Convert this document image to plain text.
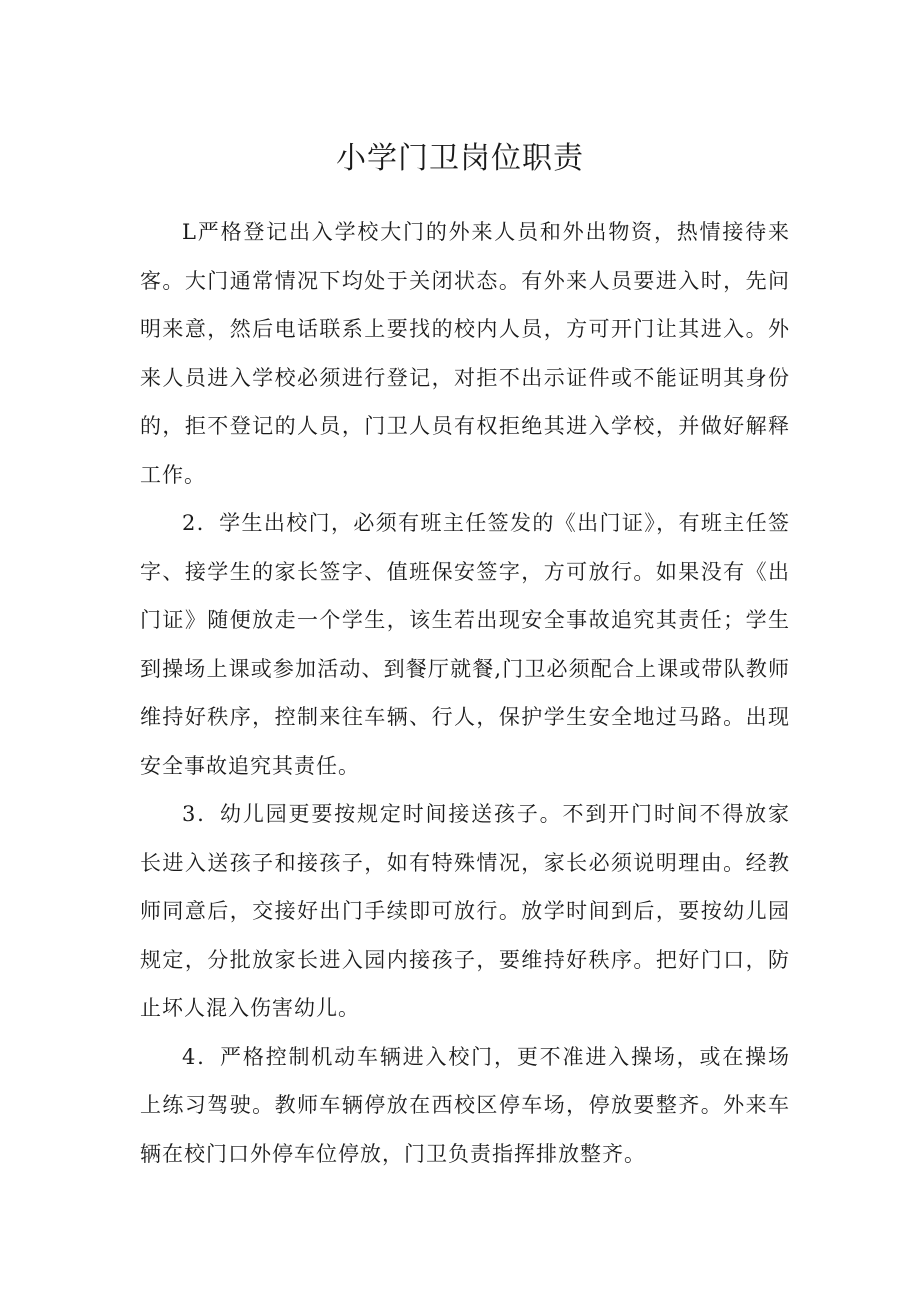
小学门卫岗位职责

L严格登记出入学校大门的外来人员和外出物资，热情接待来客。大门通常情况下均处于关闭状态。有外来人员要进入时，先问明来意，然后电话联系上要找的校内人员，方可开门让其进入。外来人员进入学校必须进行登记，对拒不出示证件或不能证明其身份的，拒不登记的人员，门卫人员有权拒绝其进入学校，并做好解释工作。

2．学生出校门，必须有班主任签发的《出门证》，有班主任签字、接学生的家长签字、值班保安签字，方可放行。如果没有《出门证》随便放走一个学生，该生若出现安全事故追究其责任；学生到操场上课或参加活动、到餐厅就餐,门卫必须配合上课或带队教师维持好秩序，控制来往车辆、行人，保护学生安全地过马路。出现安全事故追究其责任。

3．幼儿园更要按规定时间接送孩子。不到开门时间不得放家长进入送孩子和接孩子，如有特殊情况，家长必须说明理由。经教师同意后，交接好出门手续即可放行。放学时间到后，要按幼儿园规定，分批放家长进入园内接孩子，要维持好秩序。把好门口，防止坏人混入伤害幼儿。

4．严格控制机动车辆进入校门，更不准进入操场，或在操场上练习驾驶。教师车辆停放在西校区停车场，停放要整齐。外来车辆在校门口外停车位停放，门卫负责指挥排放整齐。
